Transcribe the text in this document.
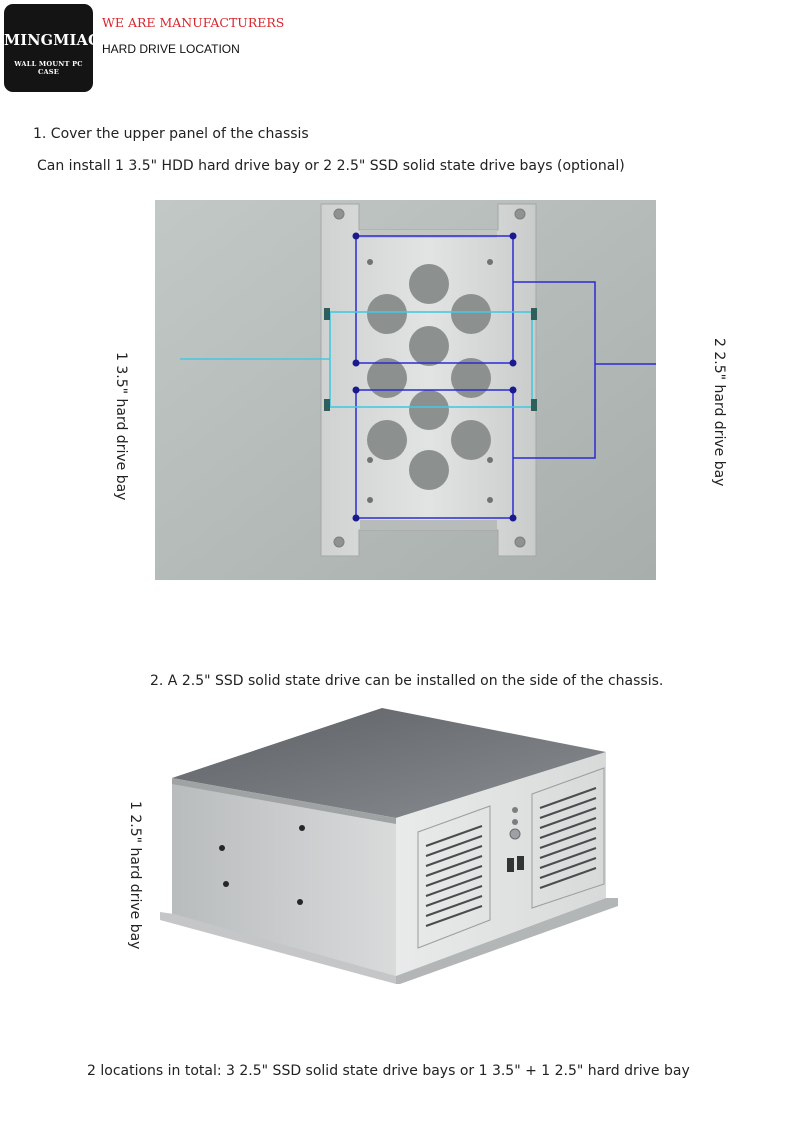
MINGMIAO
WALL MOUNT PC CASE
WE ARE MANUFACTURERS
HARD DRIVE LOCATION
1. Cover the upper panel of the chassis
Can install 1 3.5" HDD hard drive bay or 2 2.5" SSD solid state drive bays (optional)
1 3.5" hard drive bay	2 2.5" hard drive bay
2. A 2.5" SSD solid state drive can be installed on the side of the chassis.
1 2.5" hard drive bay
2 locations in total: 3 2.5" SSD solid state drive bays or 1 3.5" + 1 2.5" hard drive bay
